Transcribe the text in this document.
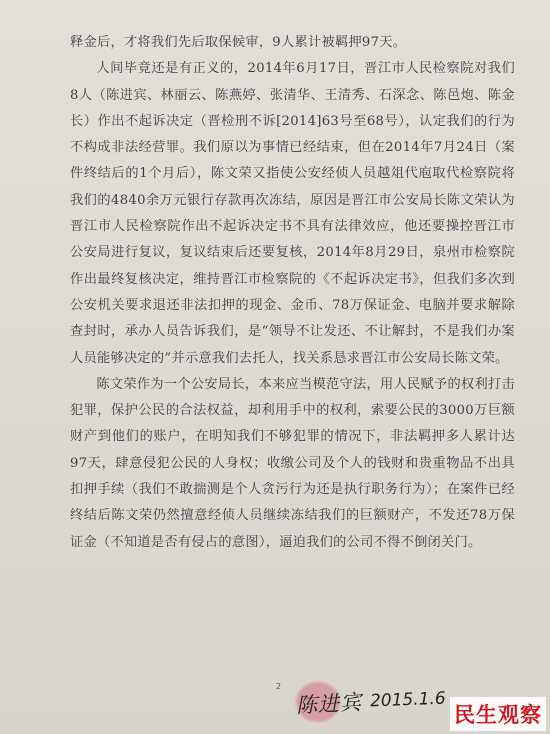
释金后，才将我们先后取保候审，9人累计被羁押97天。

人间毕竟还是有正义的，2014年6月17日，晋江市人民检察院对我们8人（陈进宾、林丽云、陈燕婷、张清华、王清秀、石深念、陈邑炮、陈金长）作出不起诉决定（晋检刑不诉[2014]63号至68号），认定我们的行为不构成非法经营罪。我们原以为事情已经结束，但在2014年7月24日（案件终结后的1个月后），陈文荣又指使公安经侦人员越俎代庖取代检察院将我们的4840余万元银行存款再次冻结，原因是晋江市公安局长陈文荣认为晋江市人民检察院作出不起诉决定书不具有法律效应，他还要操控晋江市公安局进行复议，复议结束后还要复核，2014年8月29日，泉州市检察院作出最终复核决定，维持晋江市检察院的《不起诉决定书》，但我们多次到公安机关要求退还非法扣押的现金、金币、78万保证金、电脑并要求解除查封时，承办人员告诉我们，是“领导不让发还、不让解封，不是我们办案人员能够决定的”并示意我们去托人，找关系恳求晋江市公安局长陈文荣。

陈文荣作为一个公安局长，本来应当模范守法，用人民赋予的权利打击犯罪，保护公民的合法权益，却利用手中的权利，索要公民的3000万巨额财产到他们的账户，在明知我们不够犯罪的情况下，非法羁押多人累计达97天，肆意侵犯公民的人身权；收缴公司及个人的钱财和贵重物品不出具扣押手续（我们不敢揣测是个人贪污行为还是执行职务行为）；在案件已经终结后陈文荣仍然擅意经侦人员继续冻结我们的巨额财产，不发还78万保证金（不知道是否有侵占的意图），逼迫我们的公司不得不倒闭关门。

2
陈进宾 2015.1.6
民生观察
